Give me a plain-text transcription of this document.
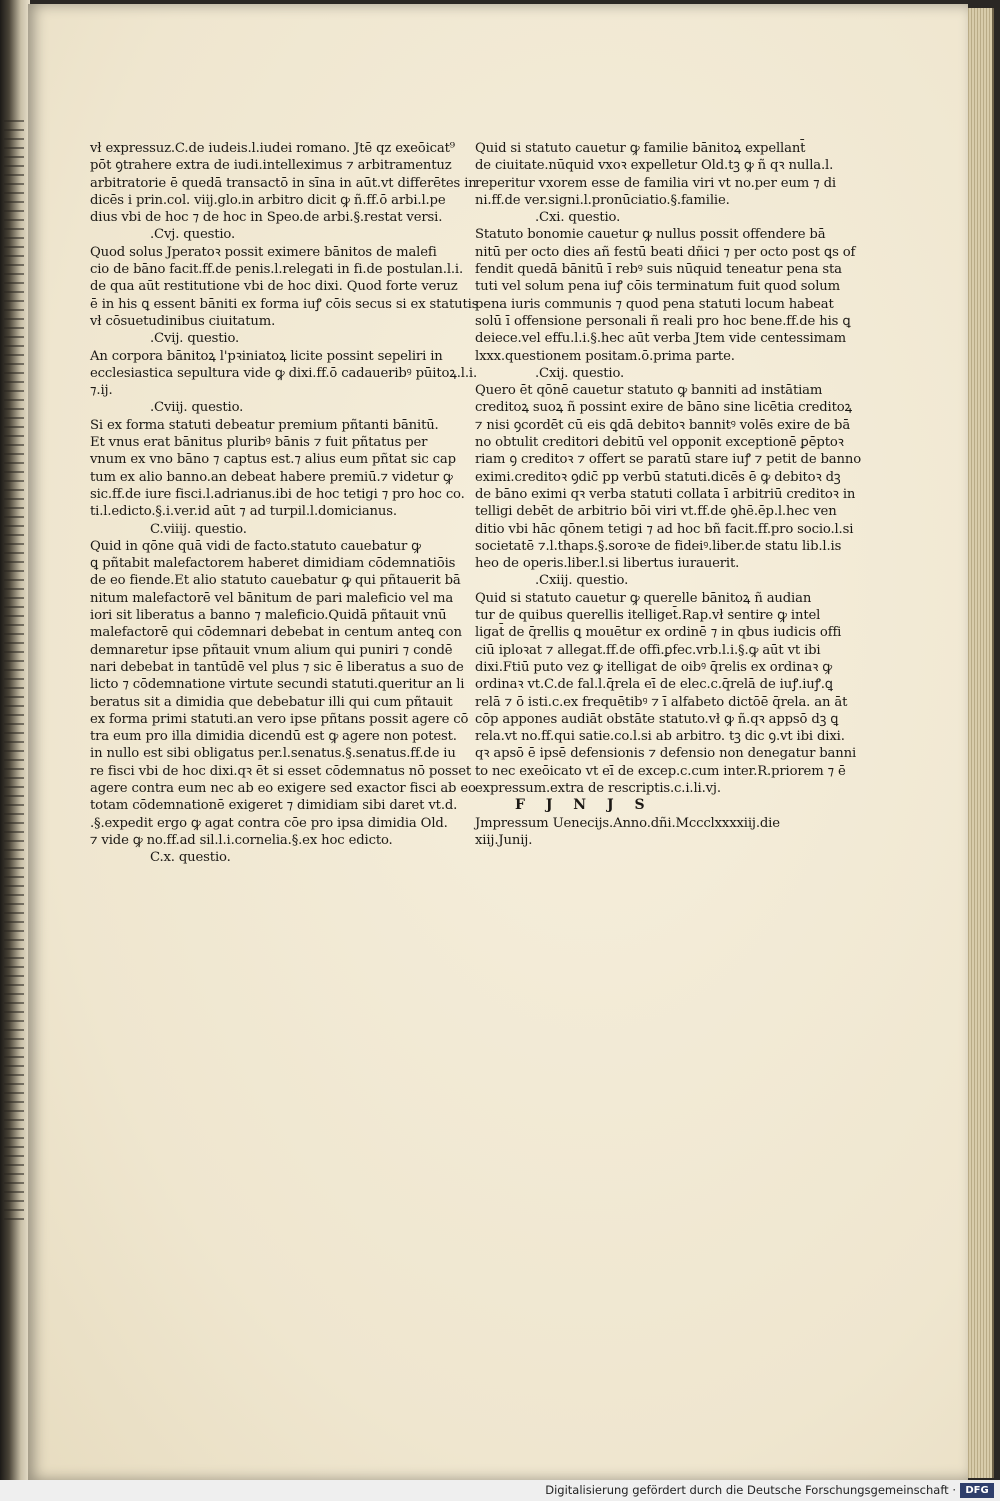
vł expressuz.C.de iudeis.l.iudei romano. Jtē qz exeōicat⁹
pōt ꝯtrahere extra de iudi.intelleximus ⁊ arbitramentuz
arbitratorie ē quedā transactō in sīna in aūt.vt differētes in
dicēs i prin.col. viij.glo.in arbitro dicit ꝙ ñ.ff.ō arbi.l.pe
dius vbi de hoc ⁊ de hoc in Speo.de arbi.§.restat versi.
.Cvj. questio.
Quod solus Jperatoꝛ possit eximere bānitos de malefi
cio de bāno facit.ff.de penis.l.relegati in fi.de postulan.l.i.
de qua aūt restitutione vbi de hoc dixi. Quod forte veruz
ē in his ꝗ essent bāniti ex forma iuꝭ cōis secus si ex statutis
vł cōsuetudinibus ciuitatum.
.Cvij. questio.
An corpora bānitoꝝ l'pꝛiniatoꝝ licite possint sepeliri in
ecclesiastica sepultura vide ꝙ dixi.ff.ō cadaueribꝰ pūitoꝝ.l.i.
⁊.ij.
.Cviij. questio.
Si ex forma statuti debeatur premium pñtanti bānitū.
Et vnus erat bānitus pluribꝰ bānis ⁊ fuit pñtatus per
vnum ex vno bāno ⁊ captus est.⁊ alius eum pñtat sic cap
tum ex alio banno.an debeat habere premiū.⁊ videtur ꝙ
sic.ff.de iure fisci.l.adrianus.ibi de hoc tetigi ⁊ pro hoc co.
ti.l.edicto.§.i.ver.id aūt ⁊ ad turpil.l.domicianus.
C.viiij. questio.
Quid in qōne quā vidi de facto.statuto cauebatur ꝙ
ꝗ pñtabit malefactorem haberet dimidiam cōdemnatiōis
de eo fiende.Et alio statuto cauebatur ꝙ qui pñtauerit bā
nitum malefactorē vel bānitum de pari maleficio vel ma
iori sit liberatus a banno ⁊ maleficio.Quidā pñtauit vnū
malefactorē qui cōdemnari debebat in centum anteꝗ con
demnaretur ipse pñtauit vnum alium qui puniri ⁊ condē
nari debebat in tantūdē vel plus ⁊ sic ē liberatus a suo de
licto ⁊ cōdemnatione virtute secundi statuti.queritur an li
beratus sit a dimidia que debebatur illi qui cum pñtauit
ex forma primi statuti.an vero ipse pñtans possit agere cō
tra eum pro illa dimidia dicendū est ꝙ agere non potest.
in nullo est sibi obligatus per.l.senatus.§.senatus.ff.de iu
re fisci vbi de hoc dixi.qꝛ ēt si esset cōdemnatus nō posset
agere contra eum nec ab eo exigere sed exactor fisci ab eo
totam cōdemnationē exigeret ⁊ dimidiam sibi daret vt.d.
.§.expedit ergo ꝙ agat contra cōe pro ipsa dimidia Old.
⁊ vide ꝙ no.ff.ad sil.l.i.cornelia.§.ex hoc edicto.
C.x. questio.
Quid si statuto cauetur ꝙ familie bānitoꝝ expellant̄
de ciuitate.nūquid vxoꝛ expelletur Old.tꝫ ꝙ ñ qꝛ nulla.l.
reperitur vxorem esse de familia viri vt no.per eum ⁊ di
ni.ff.de ver.signi.l.pronūciatio.§.familie.
.Cxi. questio.
Statuto bonomie cauetur ꝙ nullus possit offendere bā
nitū per octo dies añ festū beati dñici ⁊ per octo post ꝗs of
fendit quedā bānitū ī rebꝰ suis nūquid teneatur pena sta
tuti vel solum pena iuꝭ cōis terminatum fuit quod solum
pena iuris communis ⁊ quod pena statuti locum habeat
solū ī offensione personali ñ reali pro hoc bene.ff.de his ꝗ
deiece.vel effu.l.i.§.hec aūt verba Jtem vide centessimam
lxxx.questionem positam.ō.prima parte.
.Cxij. questio.
Quero ēt qōnē cauetur statuto ꝙ banniti ad instātiam
creditoꝝ suoꝝ ñ possint exire de bāno sine licētia creditoꝝ
⁊ nisi ꝯcordēt cū eis ꝗdā debitoꝛ bannitꝰ volēs exire de bā
no obtulit creditori debitū vel opponit exceptionē ꝑēptoꝛ
riam ꝯ creditoꝛ ⁊ offert se paratū stare iuꝭ ⁊ petit de banno
eximi.creditoꝛ ꝯdic̄ pp verbū statuti.dicēs ē ꝙ debitoꝛ dꝫ
de bāno eximi qꝛ verba statuti collata ī arbitriū creditoꝛ in
telligi debēt de arbitrio bōi viri vt.ff.de ꝯhē.ēp.l.hec ven
ditio vbi hāc qōnem tetigi ⁊ ad hoc bñ facit.ff.pro socio.l.si
societatē ⁊.l.thaps.§.soroꝛe de fideiꝰ.liber.de statu lib.l.is
heo de operis.liber.l.si libertus iurauerit.
.Cxiij. questio.
Quid si statuto cauetur ꝙ querelle bānitoꝝ ñ audian
tur de quibus querellis itelliget̄.Rap.vł sentire ꝙ intel
ligat̄ de q̄rellis ꝗ mouētur ex ordinē ⁊ in qbus iudicis offi
ciū iploꝛat ⁊ allegat.ff.de offi.ꝑfec.vrb.l.i.§.ꝙ aūt vt ibi
dixi.Ftiū puto vez ꝙ itelligat de oibꝰ q̄relis ex ordinaꝛ ꝙ
ordinaꝛ vt.C.de fal.l.q̄rela eī de elec.c.q̄relā de iuꝭ.iuꝭ.ꝗ
relā ⁊ ō isti.c.ex frequētibꝰ ⁊ ī alfabeto dictōē q̄rela. an āt
cōp appones audiāt obstāte statuto.vł ꝙ ñ.qꝛ appsō dꝫ ꝗ
rela.vt no.ff.qui satie.co.l.si ab arbitro. tꝫ dic ꝯ.vt ibi dixi.
qꝛ apsō ē ipsē defensionis ⁊ defensio non denegatur banni
to nec exeōicato vt eī de excep.c.cum inter.R.priorem ⁊ ē
expressum.extra de rescriptis.c.i.li.vj.
F J N J S
Jmpressum Uenecijs.Anno.dñi.Mccclxxxxiij.die
xiij.Junij.
Digitalisierung gefördert durch die Deutsche Forschungsgemeinschaft · DFG
